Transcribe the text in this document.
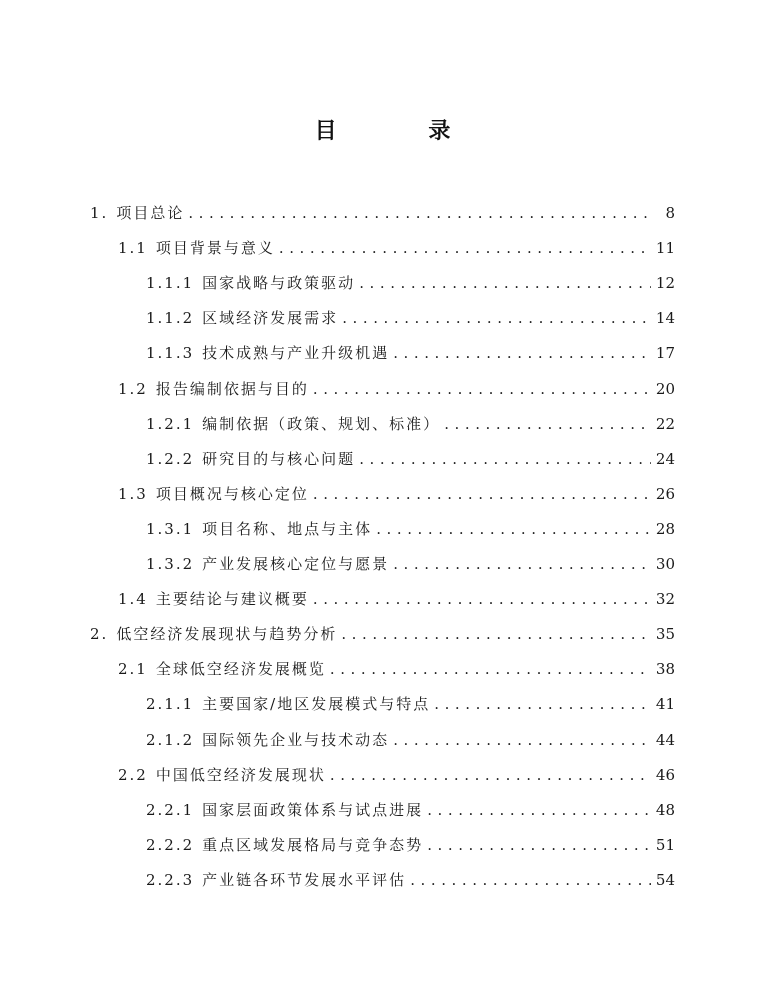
目 录
1. 项目总论 . . .	8
1.1 项目背景与意义 . . .	11
1.1.1 国家战略与政策驱动 . . .	12
1.1.2 区域经济发展需求 . . .	14
1.1.3 技术成熟与产业升级机遇 . . .	17
1.2 报告编制依据与目的 . . .	20
1.2.1 编制依据（政策、规划、标准） . . .	22
1.2.2 研究目的与核心问题 . . .	24
1.3 项目概况与核心定位 . . .	26
1.3.1 项目名称、地点与主体 . . .	28
1.3.2 产业发展核心定位与愿景 . . .	30
1.4 主要结论与建议概要 . . .	32
2. 低空经济发展现状与趋势分析 . . .	35
2.1 全球低空经济发展概览 . . .	38
2.1.1 主要国家/地区发展模式与特点 . . .	41
2.1.2 国际领先企业与技术动态 . . .	44
2.2 中国低空经济发展现状 . . .	46
2.2.1 国家层面政策体系与试点进展 . . .	48
2.2.2 重点区域发展格局与竞争态势 . . .	51
2.2.3 产业链各环节发展水平评估 . . .	54
